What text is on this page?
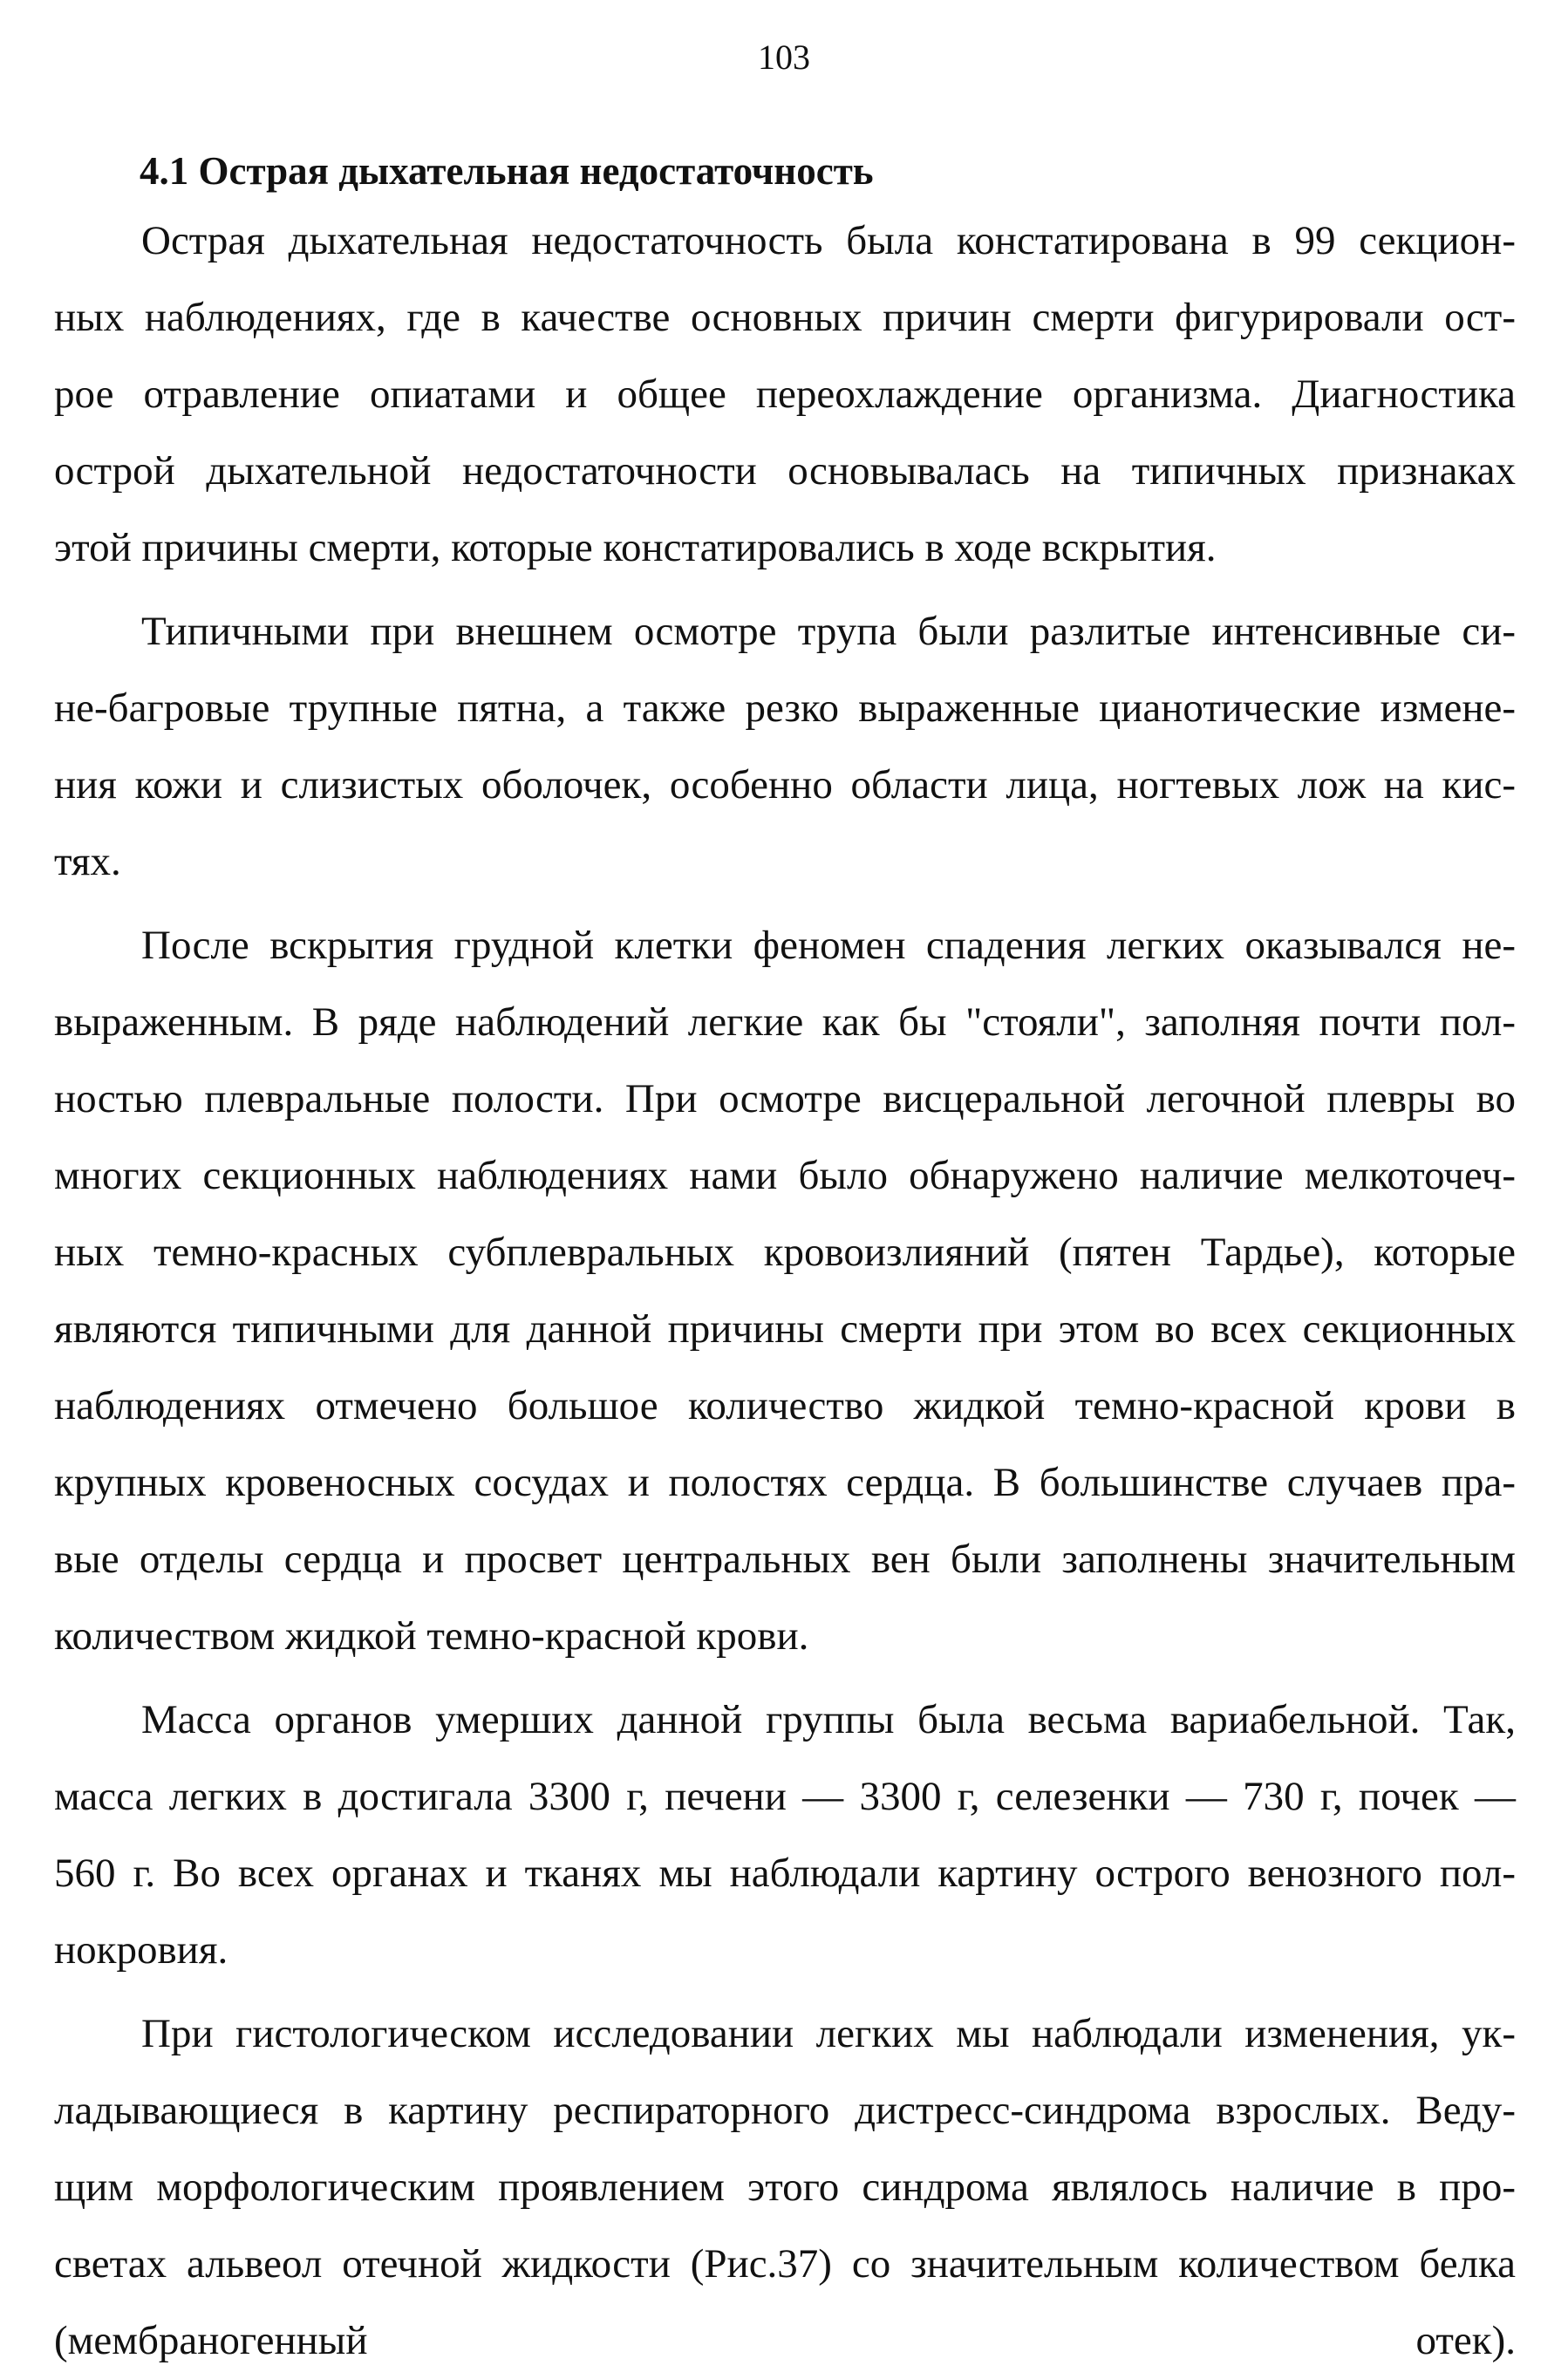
103
4.1 Острая дыхательная недостаточность
Острая дыхательная недостаточность была констатирована в 99 секцион-
ных наблюдениях, где в качестве основных причин смерти фигурировали ост-
рое отравление опиатами и общее переохлаждение организма. Диагностика
острой дыхательной недостаточности основывалась на типичных признаках
этой причины смерти, которые констатировались в ходе вскрытия.
Типичными при внешнем осмотре трупа были разлитые интенсивные си-
не-багровые трупные пятна, а также резко выраженные цианотические измене-
ния кожи и слизистых оболочек, особенно области лица, ногтевых лож на кис-
тях.
После вскрытия грудной клетки феномен спадения легких оказывался не-
выраженным. В ряде наблюдений легкие как бы "стояли", заполняя почти пол-
ностью плевральные полости. При осмотре висцеральной легочной плевры во
многих секционных наблюдениях нами было обнаружено наличие мелкоточеч-
ных темно-красных субплевральных кровоизлияний (пятен Тардье), которые
являются типичными для данной причины смерти при этом во всех секционных
наблюдениях отмечено большое количество жидкой темно-красной крови в
крупных кровеносных сосудах и полостях сердца. В большинстве случаев пра-
вые отделы сердца и просвет центральных вен были заполнены значительным
количеством жидкой темно-красной крови.
Масса органов умерших данной группы была весьма вариабельной. Так,
масса легких в достигала 3300 г, печени — 3300 г, селезенки — 730 г, почек —
560 г. Во всех органах и тканях мы наблюдали картину острого венозного пол-
нокровия.
При гистологическом исследовании легких мы наблюдали изменения, ук-
ладывающиеся в картину респираторного дистресс-синдрома взрослых. Веду-
щим морфологическим проявлением этого синдрома являлось наличие в про-
светах альвеол отечной жидкости (Рис.37) со значительным количеством белка
(мембраногенный	отек).
